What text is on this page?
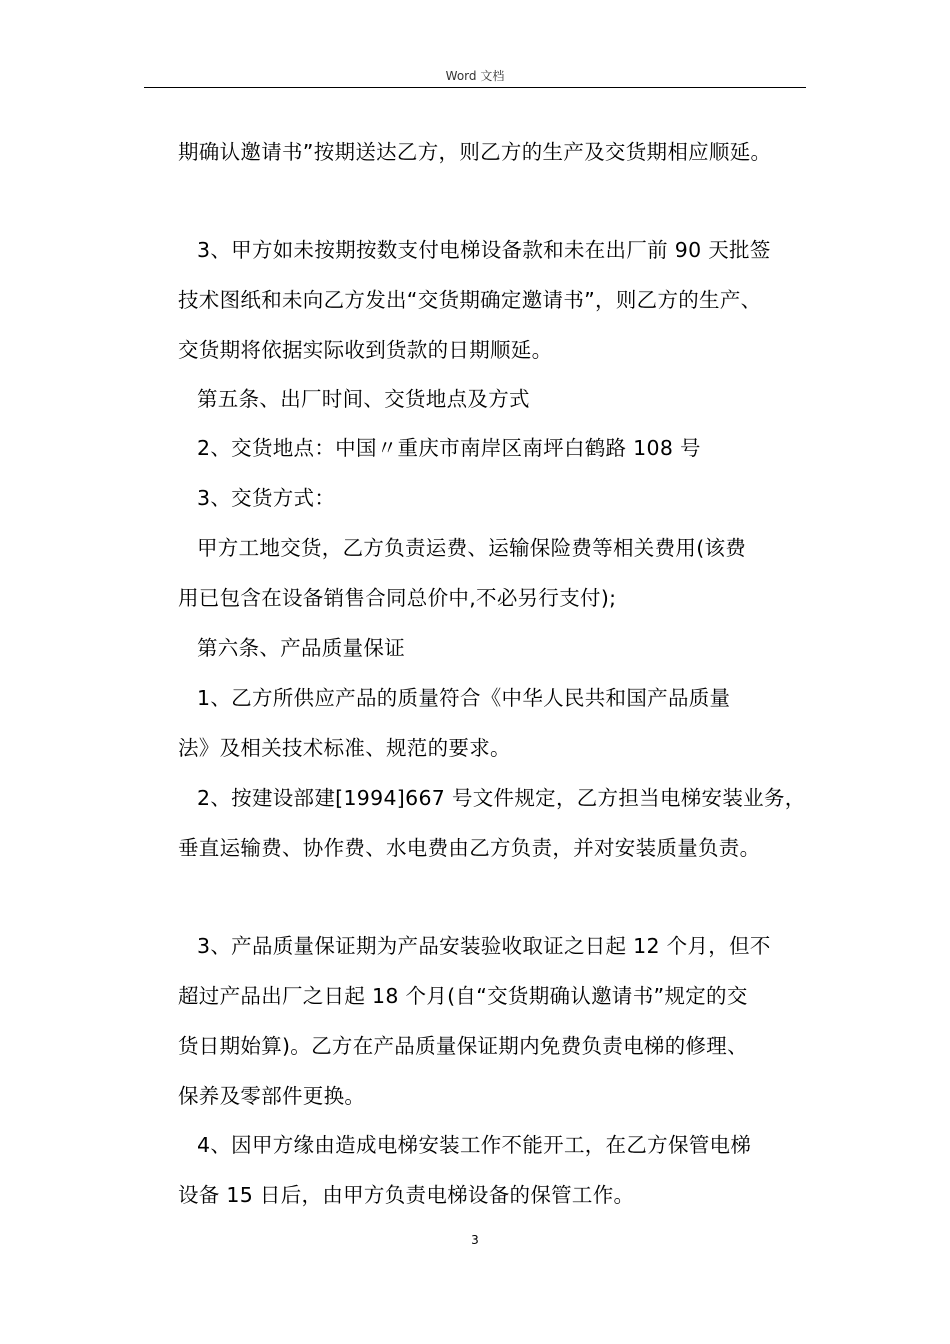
Word 文档
期确认邀请书”按期送达乙方，则乙方的生产及交货期相应顺延。
3、甲方如未按期按数支付电梯设备款和未在出厂前 90 天批签
技术图纸和未向乙方发出“交货期确定邀请书”，则乙方的生产、
交货期将依据实际收到货款的日期顺延。
第五条、出厂时间、交货地点及方式
2、交货地点：中国〃重庆市南岸区南坪白鹤路 108 号
3、交货方式：
甲方工地交货，乙方负责运费、运输保险费等相关费用(该费
用已包含在设备销售合同总价中,不必另行支付);
第六条、产品质量保证
1、乙方所供应产品的质量符合《中华人民共和国产品质量
法》及相关技术标准、规范的要求。
2、按建设部建[1994]667 号文件规定，乙方担当电梯安装业务，
垂直运输费、协作费、水电费由乙方负责，并对安装质量负责。
3、产品质量保证期为产品安装验收取证之日起 12 个月，但不
超过产品出厂之日起 18 个月(自“交货期确认邀请书”规定的交
货日期始算)。乙方在产品质量保证期内免费负责电梯的修理、
保养及零部件更换。
4、因甲方缘由造成电梯安装工作不能开工，在乙方保管电梯
设备 15 日后，由甲方负责电梯设备的保管工作。
3
